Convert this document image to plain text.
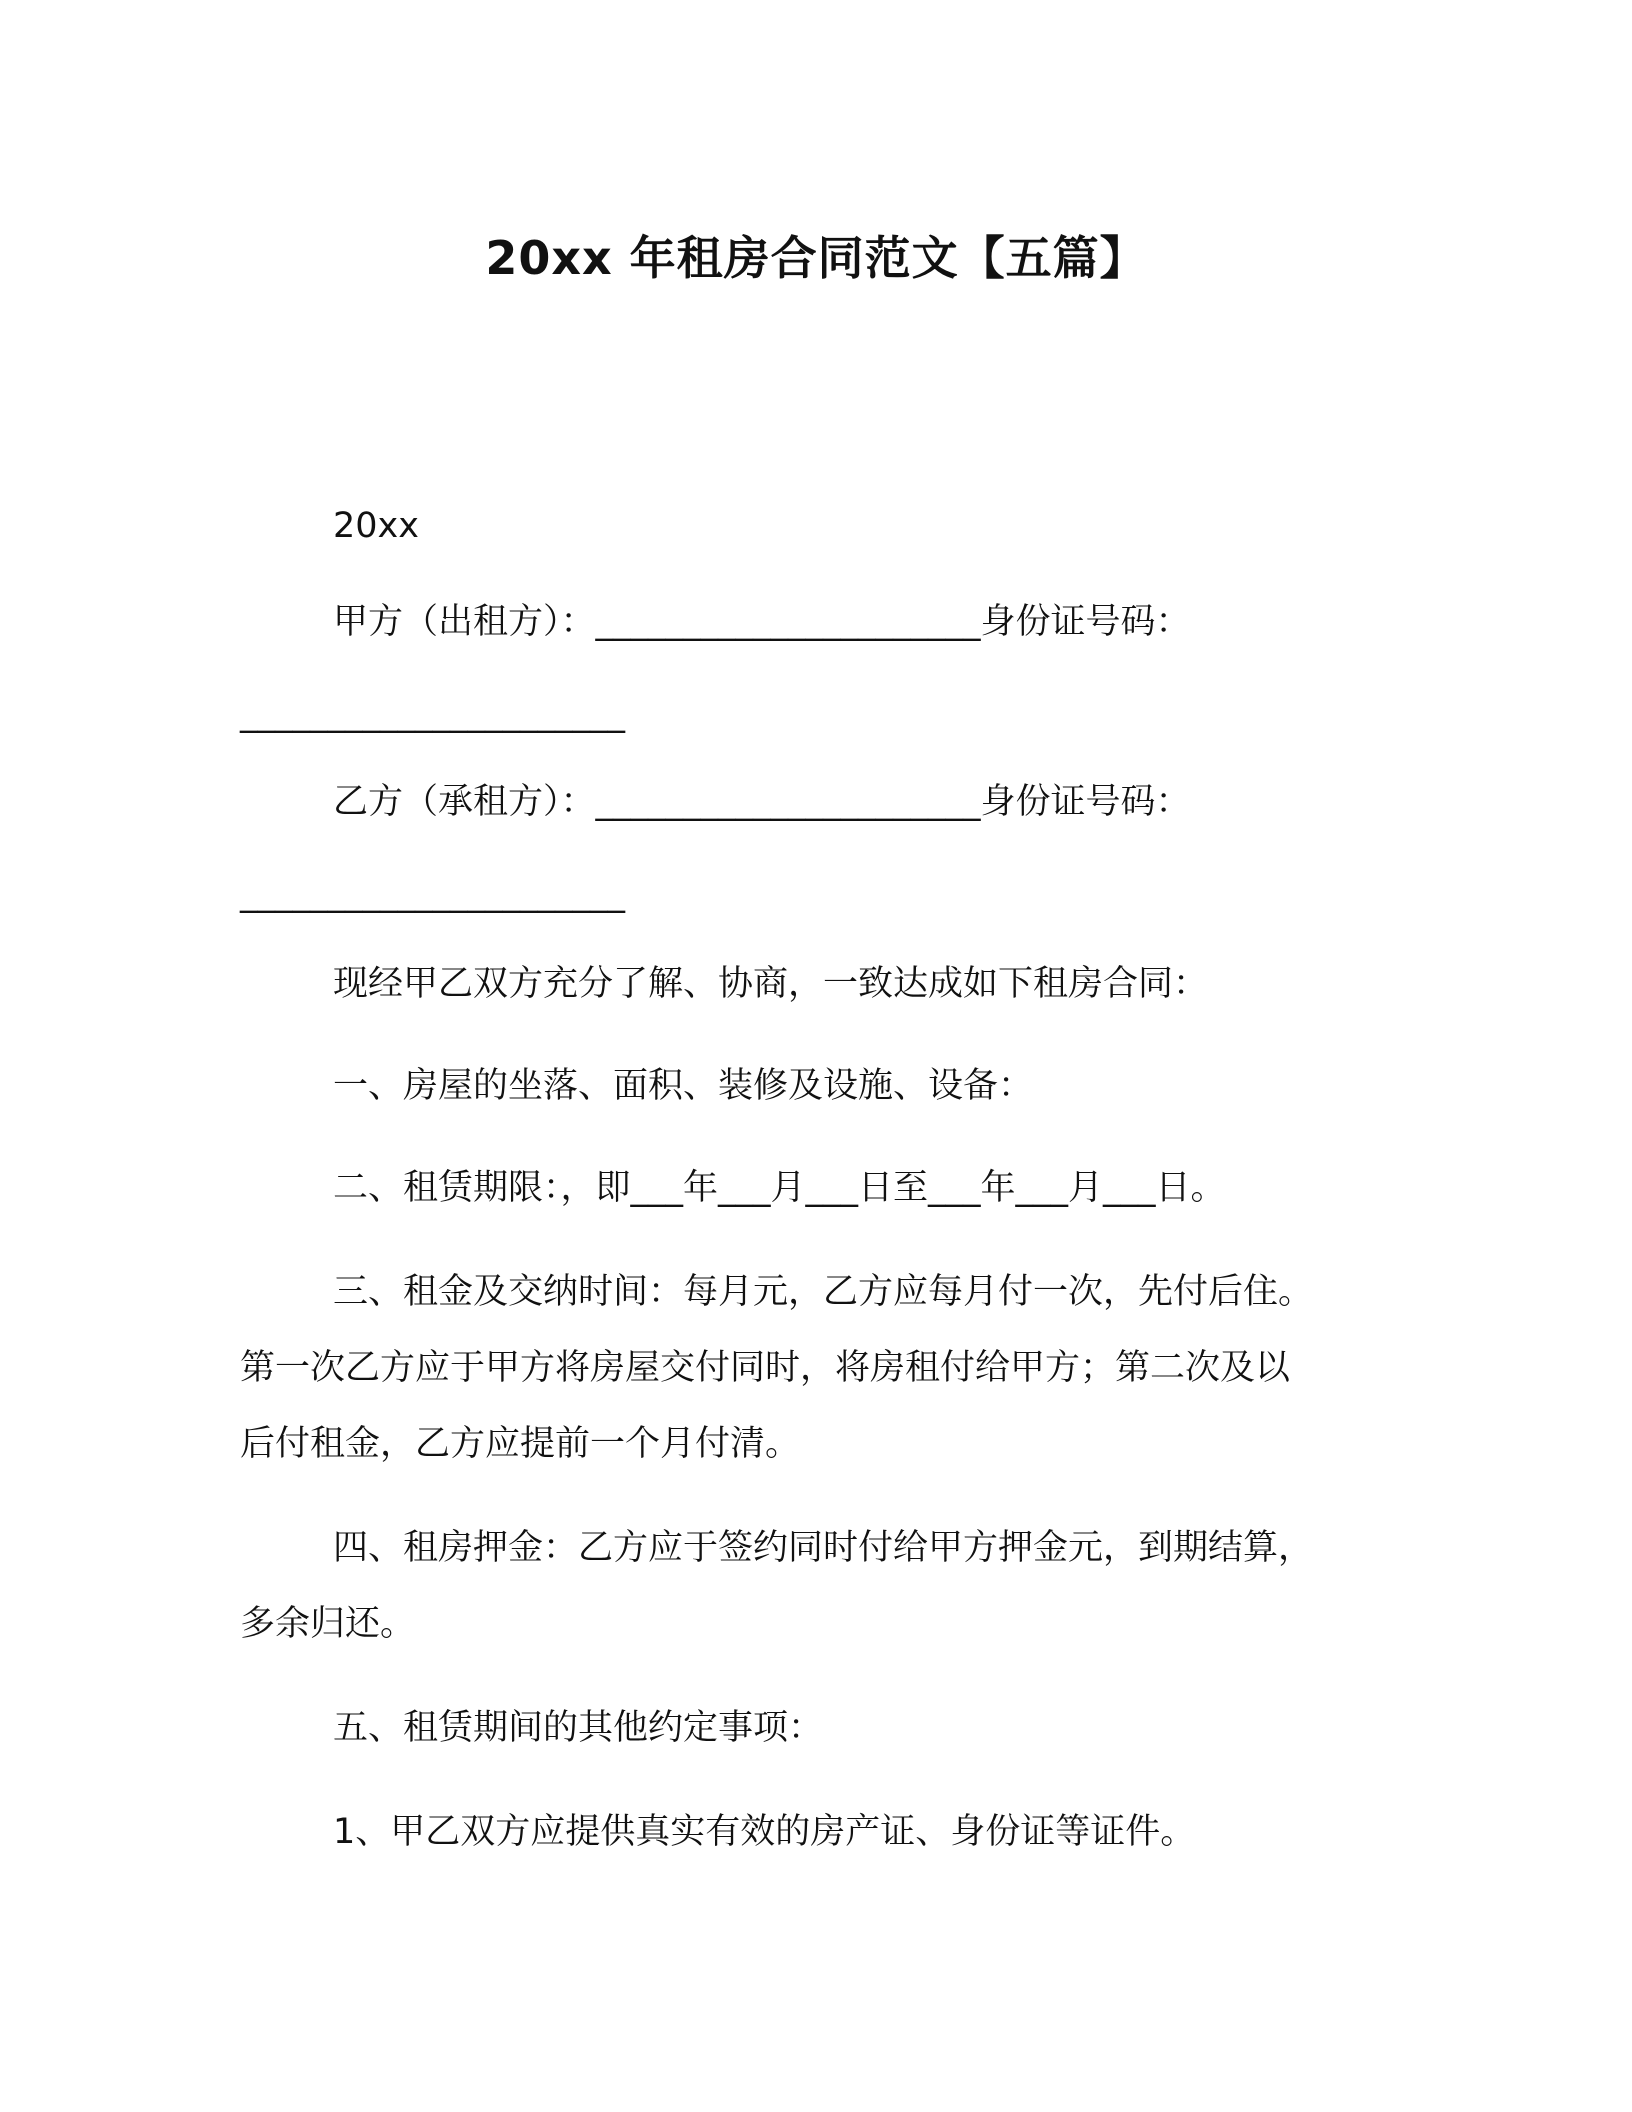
20xx 年租房合同范文【五篇】
20xx
甲方（出租方）：______________________身份证号码：
______________________
乙方（承租方）：______________________身份证号码：
______________________
现经甲乙双方充分了解、协商，一致达成如下租房合同：
一、房屋的坐落、面积、装修及设施、设备：
二、租赁期限：，即___年___月___日至___年___月___日。
三、租金及交纳时间：每月元，乙方应每月付一次，先付后住。
第一次乙方应于甲方将房屋交付同时，将房租付给甲方；第二次及以
后付租金，乙方应提前一个月付清。
四、租房押金：乙方应于签约同时付给甲方押金元，到期结算，
多余归还。
五、租赁期间的其他约定事项：
1、甲乙双方应提供真实有效的房产证、身份证等证件。
